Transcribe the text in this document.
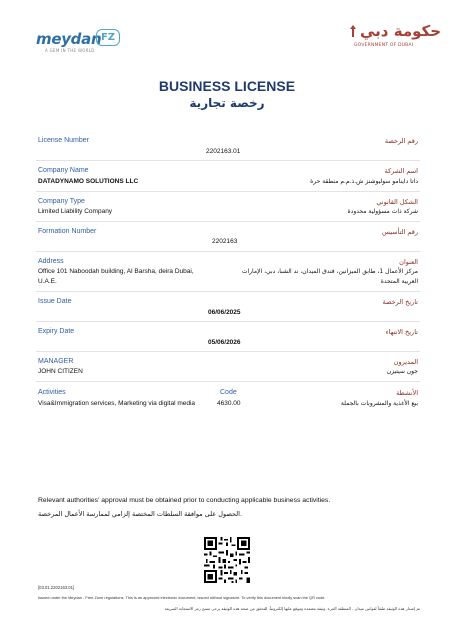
meydan FZ
A GEM IN THE WORLD
حكومة دبي
GOVERNMENT OF DUBAI
BUSINESS LICENSE
رخصة تجارية
License Number	رقم الرخصة
2202163.01
Company Name	اسم الشركة
DATADYNAMO SOLUTIONS LLC	داتا داينامو سوليوشنز ش.ذ.م.م منطقة حرة
Company Type	الشكل القانوني
Limited Liability Company	شركة ذات مسؤولية محدودة
Formation Number	رقم التأسيس
2202163
Address	العنوان
Office 101 Naboodah building, Al Barsha, deira Dubai,
U.A.E.
مركز الأعمال 1، طابق الميزانين، فندق الميدان، ند الشبا، دبي، الإمارات
العربية المتحدة
Issue Date	تاريخ الرخصة
06/06/2025
Expiry Date	تاريخ الانتهاء
05/06/2026
MANAGER	المديرون
JOHN CITIZEN	جون سيتيزن
Activities	Code	الأنشطة
Visa&Immigration services, Marketing via digital media	4630.00	بيع الأغذية والمشروبات بالجملة
Relevant authorities' approval must be obtained prior to conducting applicable business activities.
الحصول على موافقة السلطات المختصة إلزامي لممارسة الأعمال المرخصة.
[03.01.2202163.01]
Issued under the Meydan - Free Zone regulations. This is an approved electronic document, issued without signature. To verify this document kindly scan the QR code.
تم إصدار هذه الوثيقة طبقاً لقوانين ميدان - المنطقة الحرة. وثيقة معتمدة وموقع عليها إلكترونياً، للتحقق من صحة هذه الوثيقة يرجى مسح رمز الاستجابة السريعة
